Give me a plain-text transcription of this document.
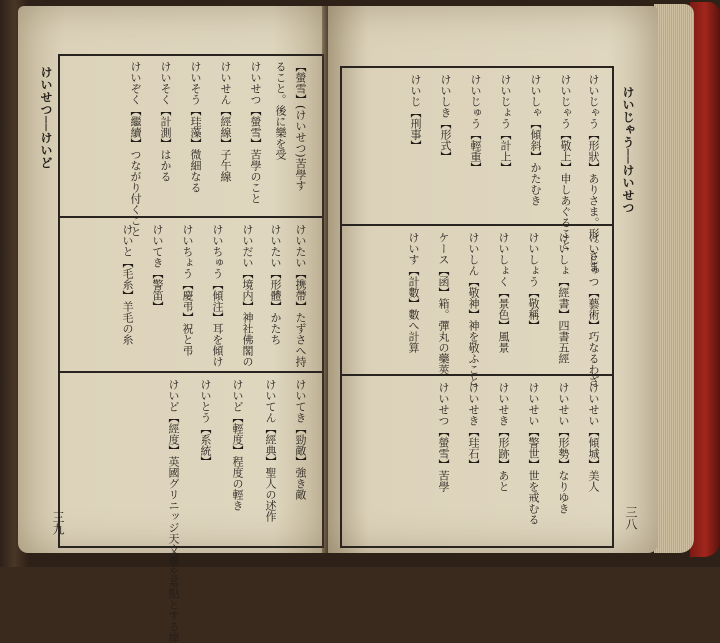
けいせつ──けいど
三九
【螢雪】(けいせつ)苦學す
ること。後に樂を受
けいせつ【螢雪】苦學のこと
けいせん【經線】子午線
けいそう【珪藻】微細なる
けいそく【計測】はかる
けいぞく【繼續】つながり付くこと
けいたい【携帶】たずさへ持
けいたい【形體】かたち
けいだい【境内】神社佛閣の
けいちゅう【傾注】耳を傾け
けいちょう【慶弔】祝と弔
けいてき【警笛】
けいと【毛糸】羊毛の糸
けいてき【勁敵】強き敵
けいてん【經典】聖人の述作
けいど【輕度】程度の輕き
けいとう【系統】
けいど【經度】英國グリニッジ天文臺を基點とする緯
けいじゃう──けいせつ
三八
けいじゃう【形狀】ありさま。形。さま
けいじゃう【敬上】申しあぐること
けいしゃ【傾斜】かたむき
けいじょう【計上】
けいじゅう【輕重】
けいしき【形式】
けいじ【刑事】
けいじゅつ【藝術】巧なるわざ
けいしょ【經書】四書五經
けいしょう【敬稱】
けいしょく【景色】風景
けいしん【敬神】神を敬ふこと
ケース【函】箱。彈丸の藥莢
けいす【計數】數へ計算
けいせい【傾城】美人
けいせい【形勢】なりゆき
けいせい【警世】世を戒むる
けいせき【形跡】あと
けいせき【珪石】
けいせつ【螢雪】苦學
